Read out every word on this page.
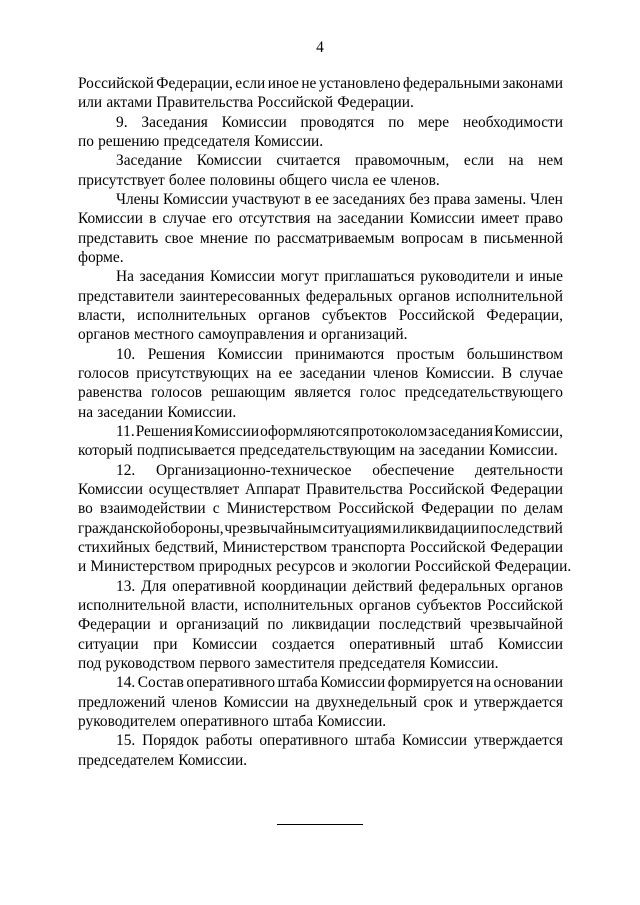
4
Российской Федерации, если иное не установлено федеральными законами
или актами Правительства Российской Федерации.
9. Заседания Комиссии проводятся по мере необходимости
по решению председателя Комиссии.
Заседание Комиссии считается правомочным, если на нем
присутствует более половины общего числа ее членов.
Члены Комиссии участвуют в ее заседаниях без права замены. Член
Комиссии в случае его отсутствия на заседании Комиссии имеет право
представить свое мнение по рассматриваемым вопросам в письменной
форме.
На заседания Комиссии могут приглашаться руководители и иные
представители заинтересованных федеральных органов исполнительной
власти, исполнительных органов субъектов Российской Федерации,
органов местного самоуправления и организаций.
10. Решения Комиссии принимаются простым большинством
голосов присутствующих на ее заседании членов Комиссии. В случае
равенства голосов решающим является голос председательствующего
на заседании Комиссии.
11. Решения Комиссии оформляются протоколом заседания Комиссии,
который подписывается председательствующим на заседании Комиссии.
12. Организационно-техническое обеспечение деятельности
Комиссии осуществляет Аппарат Правительства Российской Федерации
во взаимодействии с Министерством Российской Федерации по делам
гражданской обороны, чрезвычайным ситуациям и ликвидации последствий
стихийных бедствий, Министерством транспорта Российской Федерации
и Министерством природных ресурсов и экологии Российской Федерации.
13. Для оперативной координации действий федеральных органов
исполнительной власти, исполнительных органов субъектов Российской
Федерации и организаций по ликвидации последствий чрезвычайной
ситуации при Комиссии создается оперативный штаб Комиссии
под руководством первого заместителя председателя Комиссии.
14. Состав оперативного штаба Комиссии формируется на основании
предложений членов Комиссии на двухнедельный срок и утверждается
руководителем оперативного штаба Комиссии.
15. Порядок работы оперативного штаба Комиссии утверждается
председателем Комиссии.
